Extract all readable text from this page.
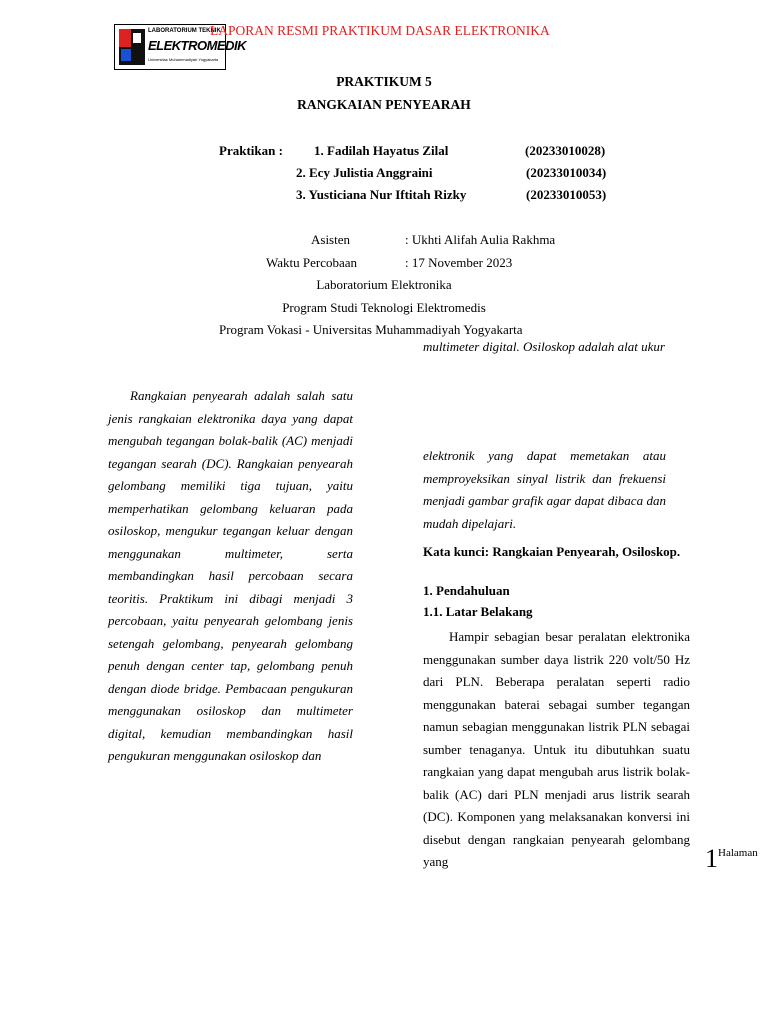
LABORATORIUM TEKNIK
ELEKTROMEDIK
Universitas Muhammadiyah Yogyakarta
LAPORAN RESMI PRAKTIKUM DASAR ELEKTRONIKA
PRAKTIKUM 5
RANGKAIAN PENYEARAH
Praktikan : 1. Fadilah Hayatus Zilal	(20233010028)
2. Ecy Julistia Anggraini	(20233010034)
3. Yusticiana Nur Iftitah Rizky	(20233010053)
Asisten	: Ukhti Alifah Aulia Rakhma
Waktu Percobaan	: 17 November 2023
Laboratorium Elektronika
Program Studi Teknologi Elektromedis
Program Vokasi - Universitas Muhammadiyah Yogyakarta

Rangkaian penyearah adalah salah satu jenis rangkaian elektronika daya yang dapat mengubah tegangan bolak-balik (AC) menjadi tegangan searah (DC). Rangkaian penyearah gelombang memiliki tiga tujuan, yaitu memperhatikan gelombang keluaran pada osiloskop, mengukur tegangan keluar dengan menggunakan multimeter, serta membandingkan hasil percobaan secara teoritis. Praktikum ini dibagi menjadi 3 percobaan, yaitu penyearah gelombang jenis setengah gelombang, penyearah gelombang penuh dengan center tap, gelombang penuh dengan diode bridge. Pembacaan pengukuran menggunakan osiloskop dan multimeter digital, kemudian membandingkan hasil pengukuran menggunakan osiloskop dan

multimeter digital. Osiloskop adalah alat ukur

elektronik yang dapat memetakan atau memproyeksikan sinyal listrik dan frekuensi menjadi gambar grafik agar dapat dibaca dan mudah dipelajari.

Kata kunci: Rangkaian Penyearah, Osiloskop.
1. Pendahuluan
1.1. Latar Belakang

Hampir sebagian besar peralatan elektronika menggunakan sumber daya listrik 220 volt/50 Hz dari PLN. Beberapa peralatan seperti radio menggunakan baterai sebagai sumber tegangan namun sebagian menggunakan listrik PLN sebagai sumber tenaganya. Untuk itu dibutuhkan suatu rangkaian yang dapat mengubah arus listrik bolak-balik (AC) dari PLN menjadi arus listrik searah (DC). Komponen yang melaksanakan konversi ini disebut dengan rangkaian penyearah gelombang yang	1 Halaman
